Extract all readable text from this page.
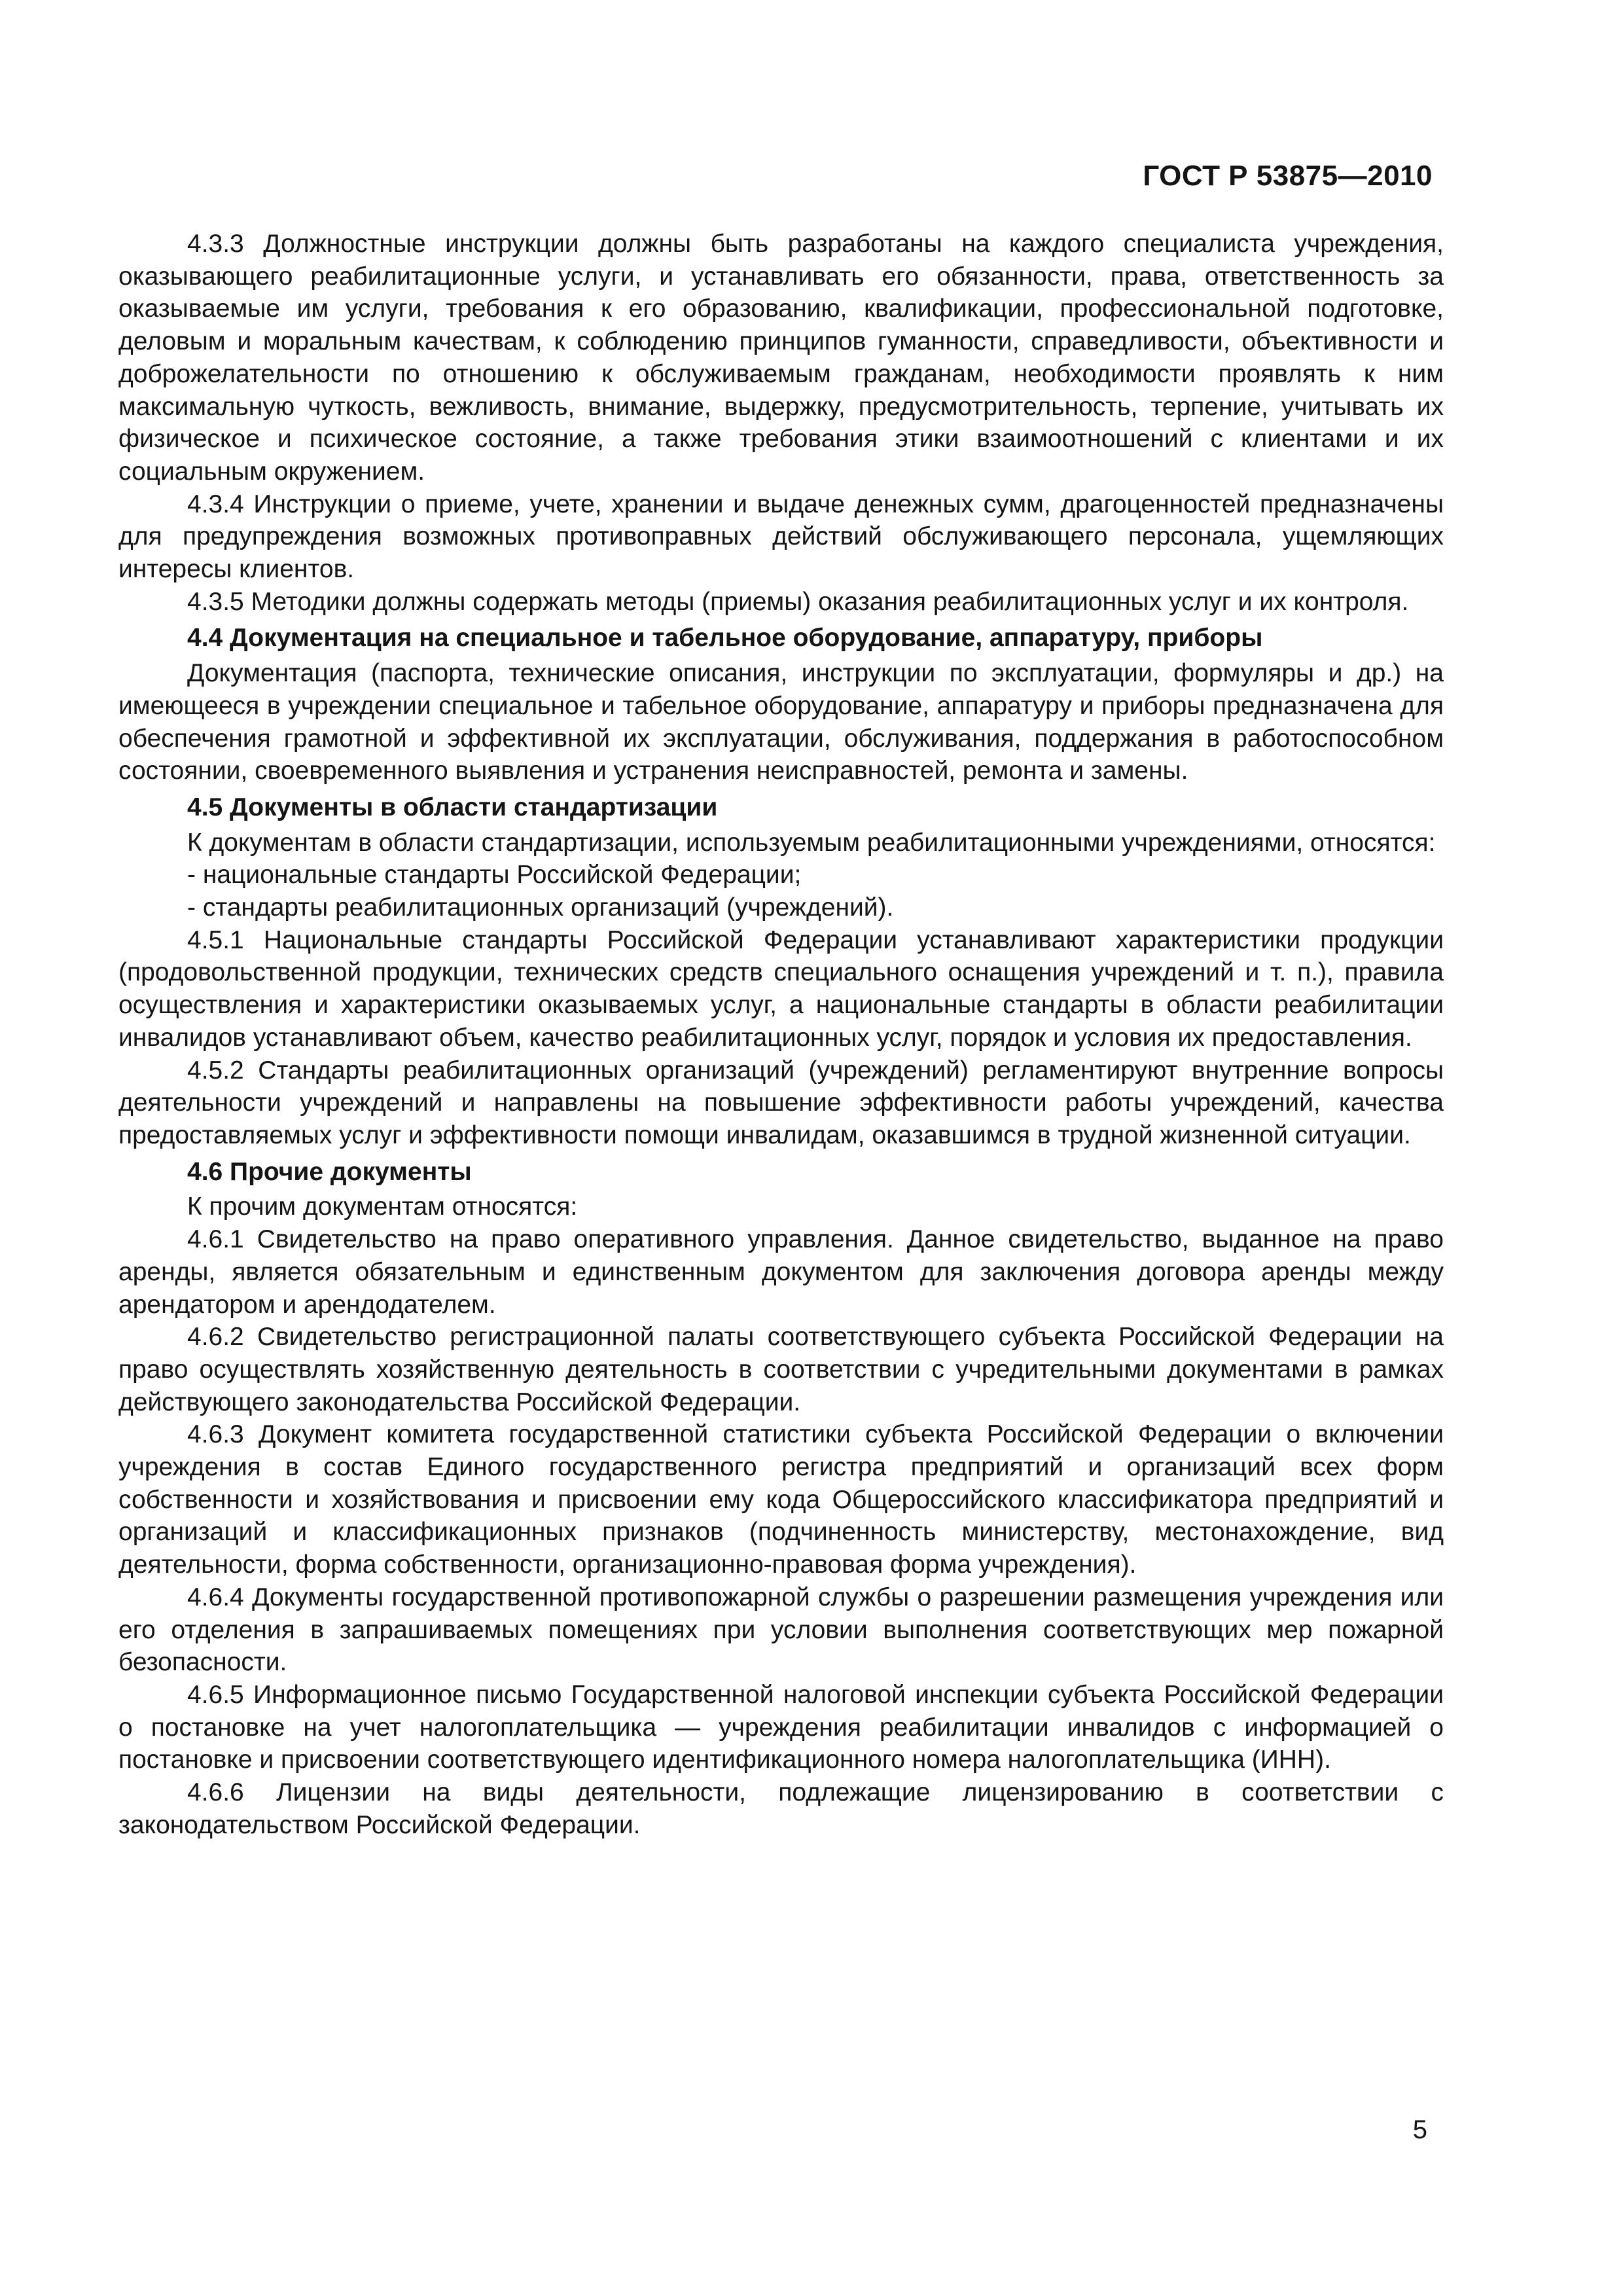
ГОСТ Р 53875—2010

4.3.3 Должностные инструкции должны быть разработаны на каждого специалиста учреждения, оказывающего реабилитационные услуги, и устанавливать его обязанности, права, ответственность за оказываемые им услуги, требования к его образованию, квалификации, профессиональной подготовке, деловым и моральным качествам, к соблюдению принципов гуманности, справедливости, объективности и доброжелательности по отношению к обслуживаемым гражданам, необходимости проявлять к ним максимальную чуткость, вежливость, внимание, выдержку, предусмотрительность, терпение, учитывать их физическое и психическое состояние, а также требования этики взаимоотношений с клиентами и их социальным окружением.

4.3.4 Инструкции о приеме, учете, хранении и выдаче денежных сумм, драгоценностей предназначены для предупреждения возможных противоправных действий обслуживающего персонала, ущемляющих интересы клиентов.

4.3.5 Методики должны содержать методы (приемы) оказания реабилитационных услуг и их контроля.

4.4 Документация на специальное и табельное оборудование, аппаратуру, приборы

Документация (паспорта, технические описания, инструкции по эксплуатации, формуляры и др.) на имеющееся в учреждении специальное и табельное оборудование, аппаратуру и приборы предназначена для обеспечения грамотной и эффективной их эксплуатации, обслуживания, поддержания в работоспособном состоянии, своевременного выявления и устранения неисправностей, ремонта и замены.

4.5 Документы в области стандартизации

К документам в области стандартизации, используемым реабилитационными учреждениями, относятся:

- национальные стандарты Российской Федерации;

- стандарты реабилитационных организаций (учреждений).

4.5.1 Национальные стандарты Российской Федерации устанавливают характеристики продукции (продовольственной продукции, технических средств специального оснащения учреждений и т. п.), правила осуществления и характеристики оказываемых услуг, а национальные стандарты в области реабилитации инвалидов устанавливают объем, качество реабилитационных услуг, порядок и условия их предоставления.

4.5.2 Стандарты реабилитационных организаций (учреждений) регламентируют внутренние вопросы деятельности учреждений и направлены на повышение эффективности работы учреждений, качества предоставляемых услуг и эффективности помощи инвалидам, оказавшимся в трудной жизненной ситуации.

4.6 Прочие документы

К прочим документам относятся:

4.6.1 Свидетельство на право оперативного управления. Данное свидетельство, выданное на право аренды, является обязательным и единственным документом для заключения договора аренды между арендатором и арендодателем.

4.6.2 Свидетельство регистрационной палаты соответствующего субъекта Российской Федерации на право осуществлять хозяйственную деятельность в соответствии с учредительными документами в рамках действующего законодательства Российской Федерации.

4.6.3 Документ комитета государственной статистики субъекта Российской Федерации о включении учреждения в состав Единого государственного регистра предприятий и организаций всех форм собственности и хозяйствования и присвоении ему кода Общероссийского классификатора предприятий и организаций и классификационных признаков (подчиненность министерству, местонахождение, вид деятельности, форма собственности, организационно-правовая форма учреждения).

4.6.4 Документы государственной противопожарной службы о разрешении размещения учреждения или его отделения в запрашиваемых помещениях при условии выполнения соответствующих мер пожарной безопасности.

4.6.5 Информационное письмо Государственной налоговой инспекции субъекта Российской Федерации о постановке на учет налогоплательщика — учреждения реабилитации инвалидов с информацией о постановке и присвоении соответствующего идентификационного номера налогоплательщика (ИНН).

4.6.6 Лицензии на виды деятельности, подлежащие лицензированию в соответствии с законодательством Российской Федерации.

5
